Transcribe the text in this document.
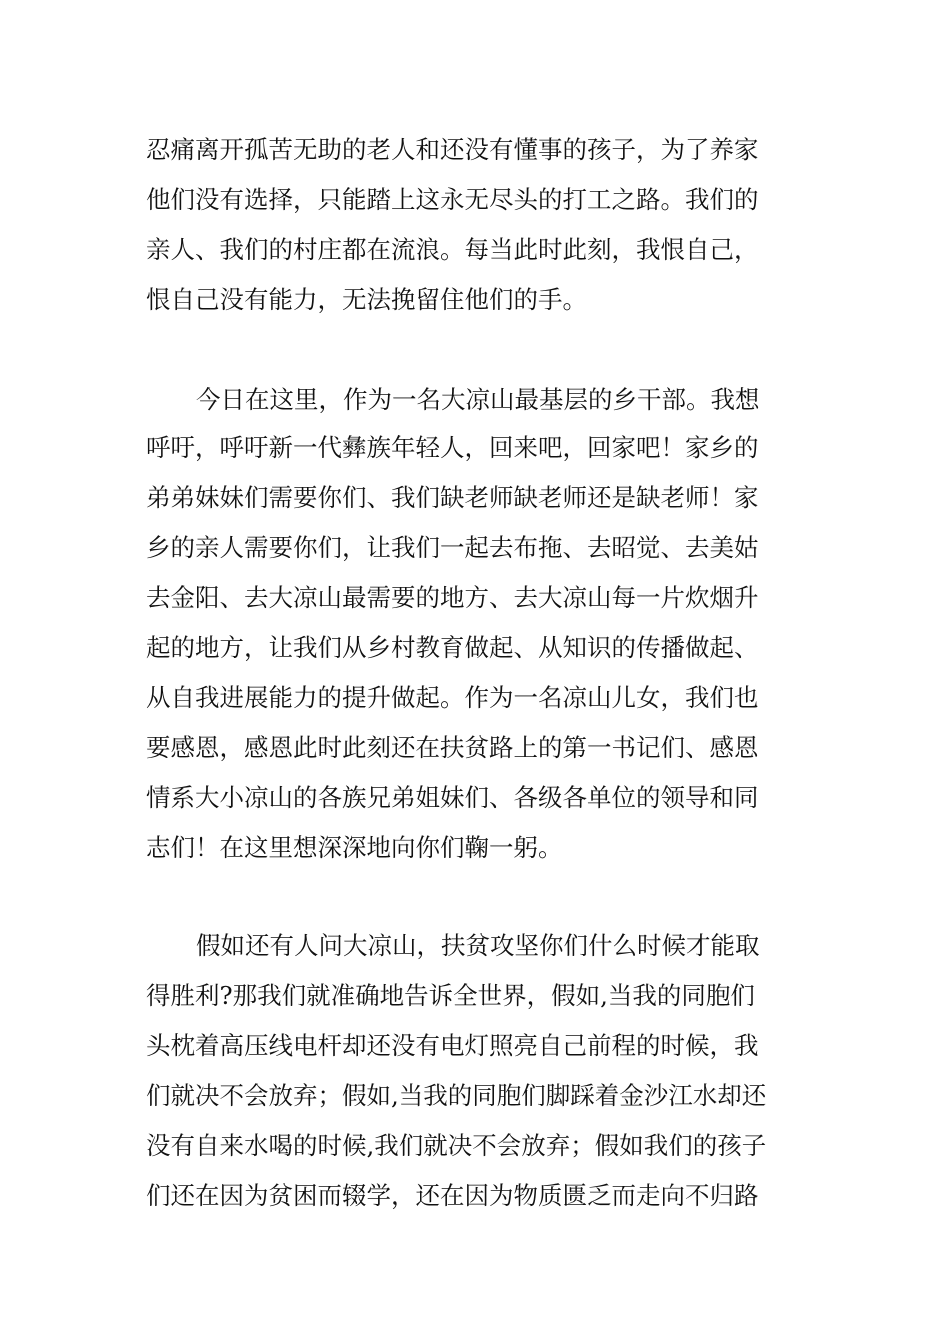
忍痛离开孤苦无助的老人和还没有懂事的孩子，为了养家
他们没有选择，只能踏上这永无尽头的打工之路。我们的
亲人、我们的村庄都在流浪。每当此时此刻，我恨自己，
恨自己没有能力，无法挽留住他们的手。
今日在这里，作为一名大凉山最基层的乡干部。我想
呼吁，呼吁新一代彝族年轻人，回来吧，回家吧！家乡的
弟弟妹妹们需要你们、我们缺老师缺老师还是缺老师！家
乡的亲人需要你们，让我们一起去布拖、去昭觉、去美姑
去金阳、去大凉山最需要的地方、去大凉山每一片炊烟升
起的地方，让我们从乡村教育做起、从知识的传播做起、
从自我进展能力的提升做起。作为一名凉山儿女，我们也
要感恩，感恩此时此刻还在扶贫路上的第一书记们、感恩
情系大小凉山的各族兄弟姐妹们、各级各单位的领导和同
志们！在这里想深深地向你们鞠一躬。
假如还有人问大凉山，扶贫攻坚你们什么时候才能取
得胜利?那我们就准确地告诉全世界，假如,当我的同胞们
头枕着高压线电杆却还没有电灯照亮自己前程的时候，我
们就决不会放弃；假如,当我的同胞们脚踩着金沙江水却还
没有自来水喝的时候,我们就决不会放弃；假如我们的孩子
们还在因为贫困而辍学，还在因为物质匮乏而走向不归路
